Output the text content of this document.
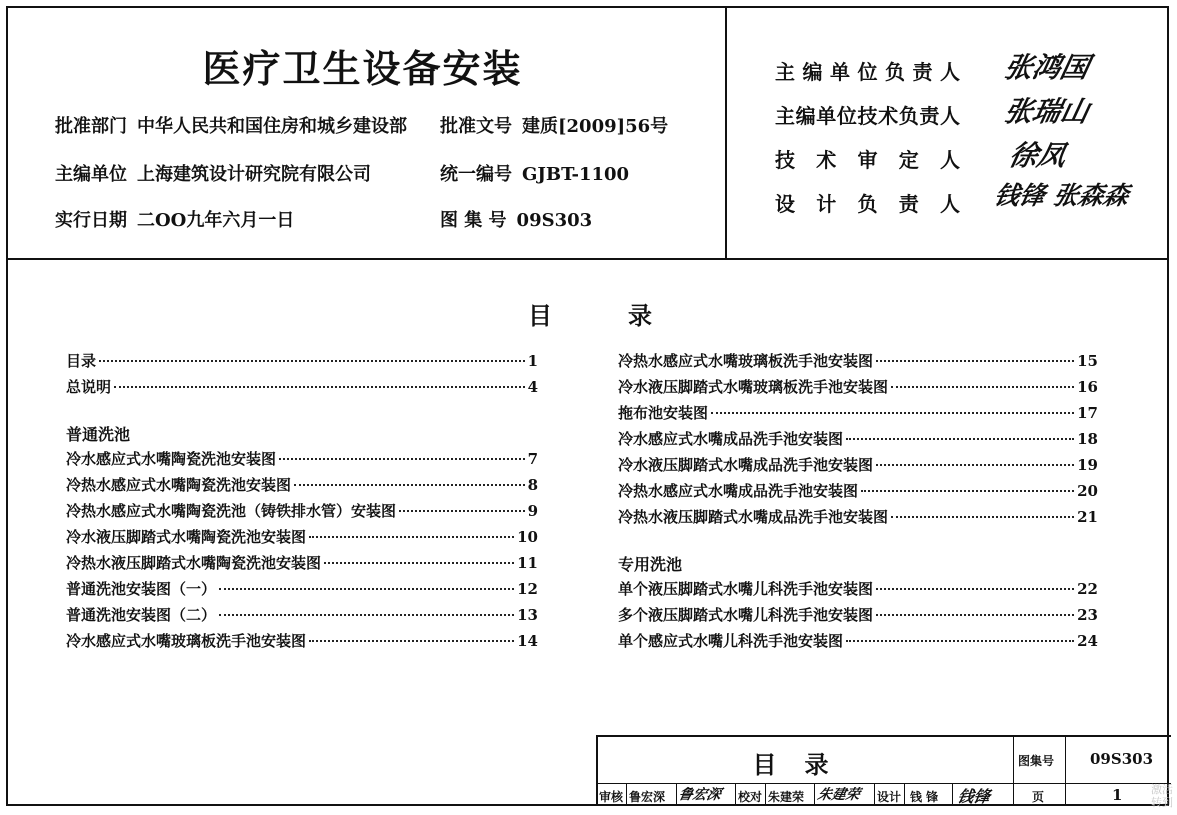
医疗卫生设备安装
批准部门 中华人民共和国住房和城乡建设部 批准文号 建质[2009]56号
主编单位 上海建筑设计研究院有限公司	统一编号 GJBT-1100
实行日期 二OO九年六月一日	图 集 号 09S303
主编单位负责人 张鸿国
主编单位技术负责人 张瑞山
技术审定人 徐凤
设计负责人 钱锋 张森森
目	录
目录	1
总说明	4
普通洗池
冷水感应式水嘴陶瓷洗池安装图	7
冷热水感应式水嘴陶瓷洗池安装图	8
冷热水感应式水嘴陶瓷洗池（铸铁排水管）安装图	9
冷水液压脚踏式水嘴陶瓷洗池安装图	10
冷热水液压脚踏式水嘴陶瓷洗池安装图	11
普通洗池安装图（一）	12
普通洗池安装图（二）	13
冷水感应式水嘴玻璃板洗手池安装图	14
冷热水感应式水嘴玻璃板洗手池安装图	15
冷水液压脚踏式水嘴玻璃板洗手池安装图	16
拖布池安装图	17
冷水感应式水嘴成品洗手池安装图	18
冷水液压脚踏式水嘴成品洗手池安装图	19
冷热水感应式水嘴成品洗手池安装图	20
冷热水液压脚踏式水嘴成品洗手池安装图	21
专用洗池
单个液压脚踏式水嘴儿科洗手池安装图	22
多个液压脚踏式水嘴儿科洗手池安装图	23
单个感应式水嘴儿科洗手池安装图	24
目录	图集号 09S303
页	1
审核 鲁宏深 鲁宏深 校对 朱建荣 朱建荣 设计 钱 锋 钱锋	激活
转到
